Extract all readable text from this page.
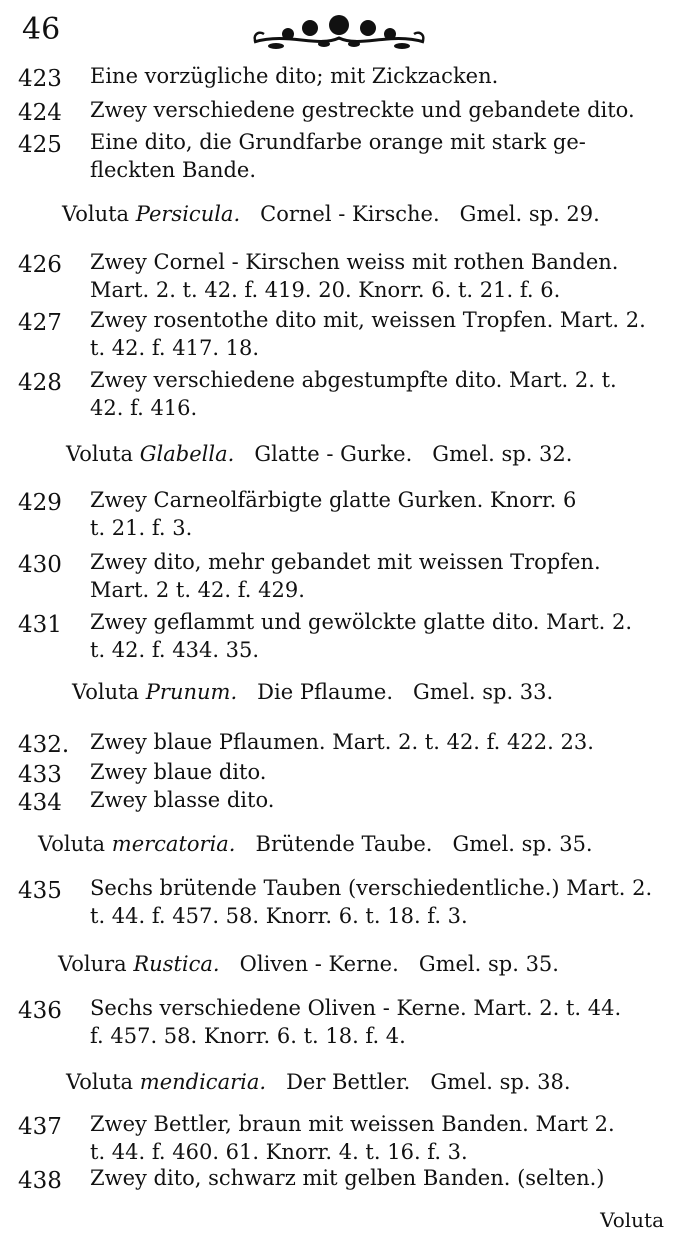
46
423 Eine vorzügliche dito; mit Zickzacken.
424 Zwey verschiedene gestreckte und gebandete dito.
425 Eine dito, die Grundfarbe orange mit stark ge-
fleckten Bande.
Voluta Persicula. Cornel - Kirsche. Gmel. sp. 29.
426 Zwey Cornel - Kirschen weiss mit rothen Banden.
Mart. 2. t. 42. f. 419. 20. Knorr. 6. t. 21. f. 6.
427 Zwey rosentothe dito mit, weissen Tropfen. Mart. 2.
t. 42. f. 417. 18.
428 Zwey verschiedene abgestumpfte dito. Mart. 2. t.
42. f. 416.
Voluta Glabella. Glatte - Gurke. Gmel. sp. 32.
429 Zwey Carneolfärbigte glatte Gurken. Knorr. 6
t. 21. f. 3.
430 Zwey dito, mehr gebandet mit weissen Tropfen.
Mart. 2 t. 42. f. 429.
431 Zwey geflammt und gewölckte glatte dito. Mart. 2.
t. 42. f. 434. 35.
Voluta Prunum. Die Pflaume. Gmel. sp. 33.
432. Zwey blaue Pflaumen. Mart. 2. t. 42. f. 422. 23.
433 Zwey blaue dito.
434 Zwey blasse dito.
Voluta mercatoria. Brütende Taube. Gmel. sp. 35.
435 Sechs brütende Tauben (verschiedentliche.) Mart. 2.
t. 44. f. 457. 58. Knorr. 6. t. 18. f. 3.
Volura Rustica. Oliven - Kerne. Gmel. sp. 35.
436 Sechs verschiedene Oliven - Kerne. Mart. 2. t. 44.
f. 457. 58. Knorr. 6. t. 18. f. 4.
Voluta mendicaria. Der Bettler. Gmel. sp. 38.
437 Zwey Bettler, braun mit weissen Banden. Mart 2.
t. 44. f. 460. 61. Knorr. 4. t. 16. f. 3.
438 Zwey dito, schwarz mit gelben Banden. (selten.)
Voluta
